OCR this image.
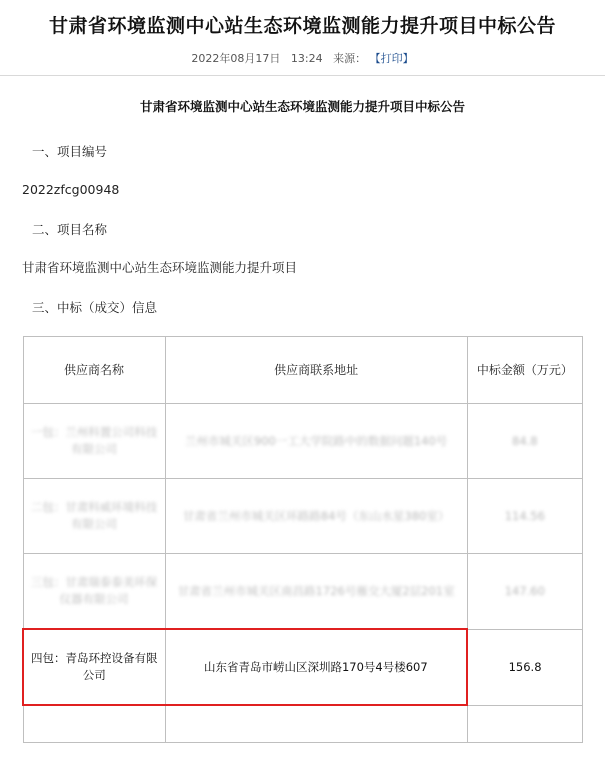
甘肃省环境监测中心站生态环境监测能力提升项目中标公告
2022年08月17日 13:24 来源： 【打印】
甘肃省环境监测中心站生态环境监测能力提升项目中标公告
一、项目编号
2022zfcg00948
二、项目名称
甘肃省环境监测中心站生态环境监测能力提升项目
三、中标（成交）信息
供应商名称	供应商联系地址	中标金额（万元）
一包：兰州科置公司科技有限公司	兰州市城关区900一工大学院路中的数据问题140号	84.8
二包：甘肃科威环境科技有限公司	甘肃省兰州市城关区环路路84号（东山水星380室）	114.56
三包：甘肃瑞泰泰美环保仪器有限公司	甘肃省兰州市城关区南昌路1726号雁交大厦2层201室	147.60
四包：青岛环控设备有限公司	山东省青岛市崂山区深圳路170号4号楼607	156.8
